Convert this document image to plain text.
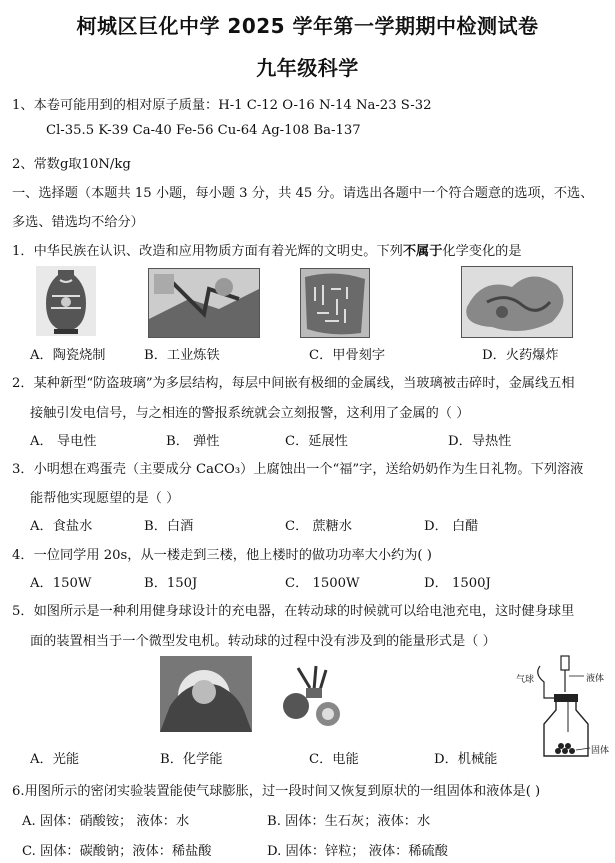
柯城区巨化中学 2025 学年第一学期期中检测试卷
九年级科学
1、本卷可能用到的相对原子质量：H-1 C-12 O-16 N-14 Na-23 S-32
Cl-35.5 K-39 Ca-40 Fe-56 Cu-64 Ag-108 Ba-137
2、常数g取10N/kg
一、选择题（本题共 15 小题，每小题 3 分，共 45 分。请选出各题中一个符合题意的选项，不选、
多选、错选均不给分）
1．中华民族在认识、改造和应用物质方面有着光辉的文明史。下列不属于化学变化的是
A．陶瓷烧制	B．工业炼铁	C．甲骨刻字	D．火药爆炸
2．某种新型“防盗玻璃”为多层结构，每层中间嵌有极细的金属线，当玻璃被击碎时，金属线五相
接触引发电信号，与之相连的警报系统就会立刻报警，这利用了金属的（ ）
A． 导电性	B． 弹性	C．延展性	D．导热性
3．小明想在鸡蛋壳（主要成分 CaCO₃）上腐蚀出一个“福”字，送给奶奶作为生日礼物。下列溶液
能帮他实现愿望的是（ ）
A．食盐水	B．白酒	C． 蔗糖水	D． 白醋
4．一位同学用 20s，从一楼走到三楼，他上楼时的做功功率大小约为( )
A．150W	B．150J	C． 1500W	D． 1500J
5．如图所示是一种利用健身球设计的充电器，在转动球的时候就可以给电池充电，这时健身球里
面的装置相当于一个微型发电机。转动球的过程中没有涉及到的能量形式是（ ）
气球	液体
固体
A．光能	B．化学能	C．电能	D．机械能
6.用图所示的密闭实验装置能使气球膨胀，过一段时间又恢复到原状的一组固体和液体是( )
A. 固体：硝酸铵； 液体：水	B. 固体：生石灰；液体：水
C. 固体：碳酸钠；液体：稀盐酸	D. 固体：锌粒； 液体：稀硫酸
